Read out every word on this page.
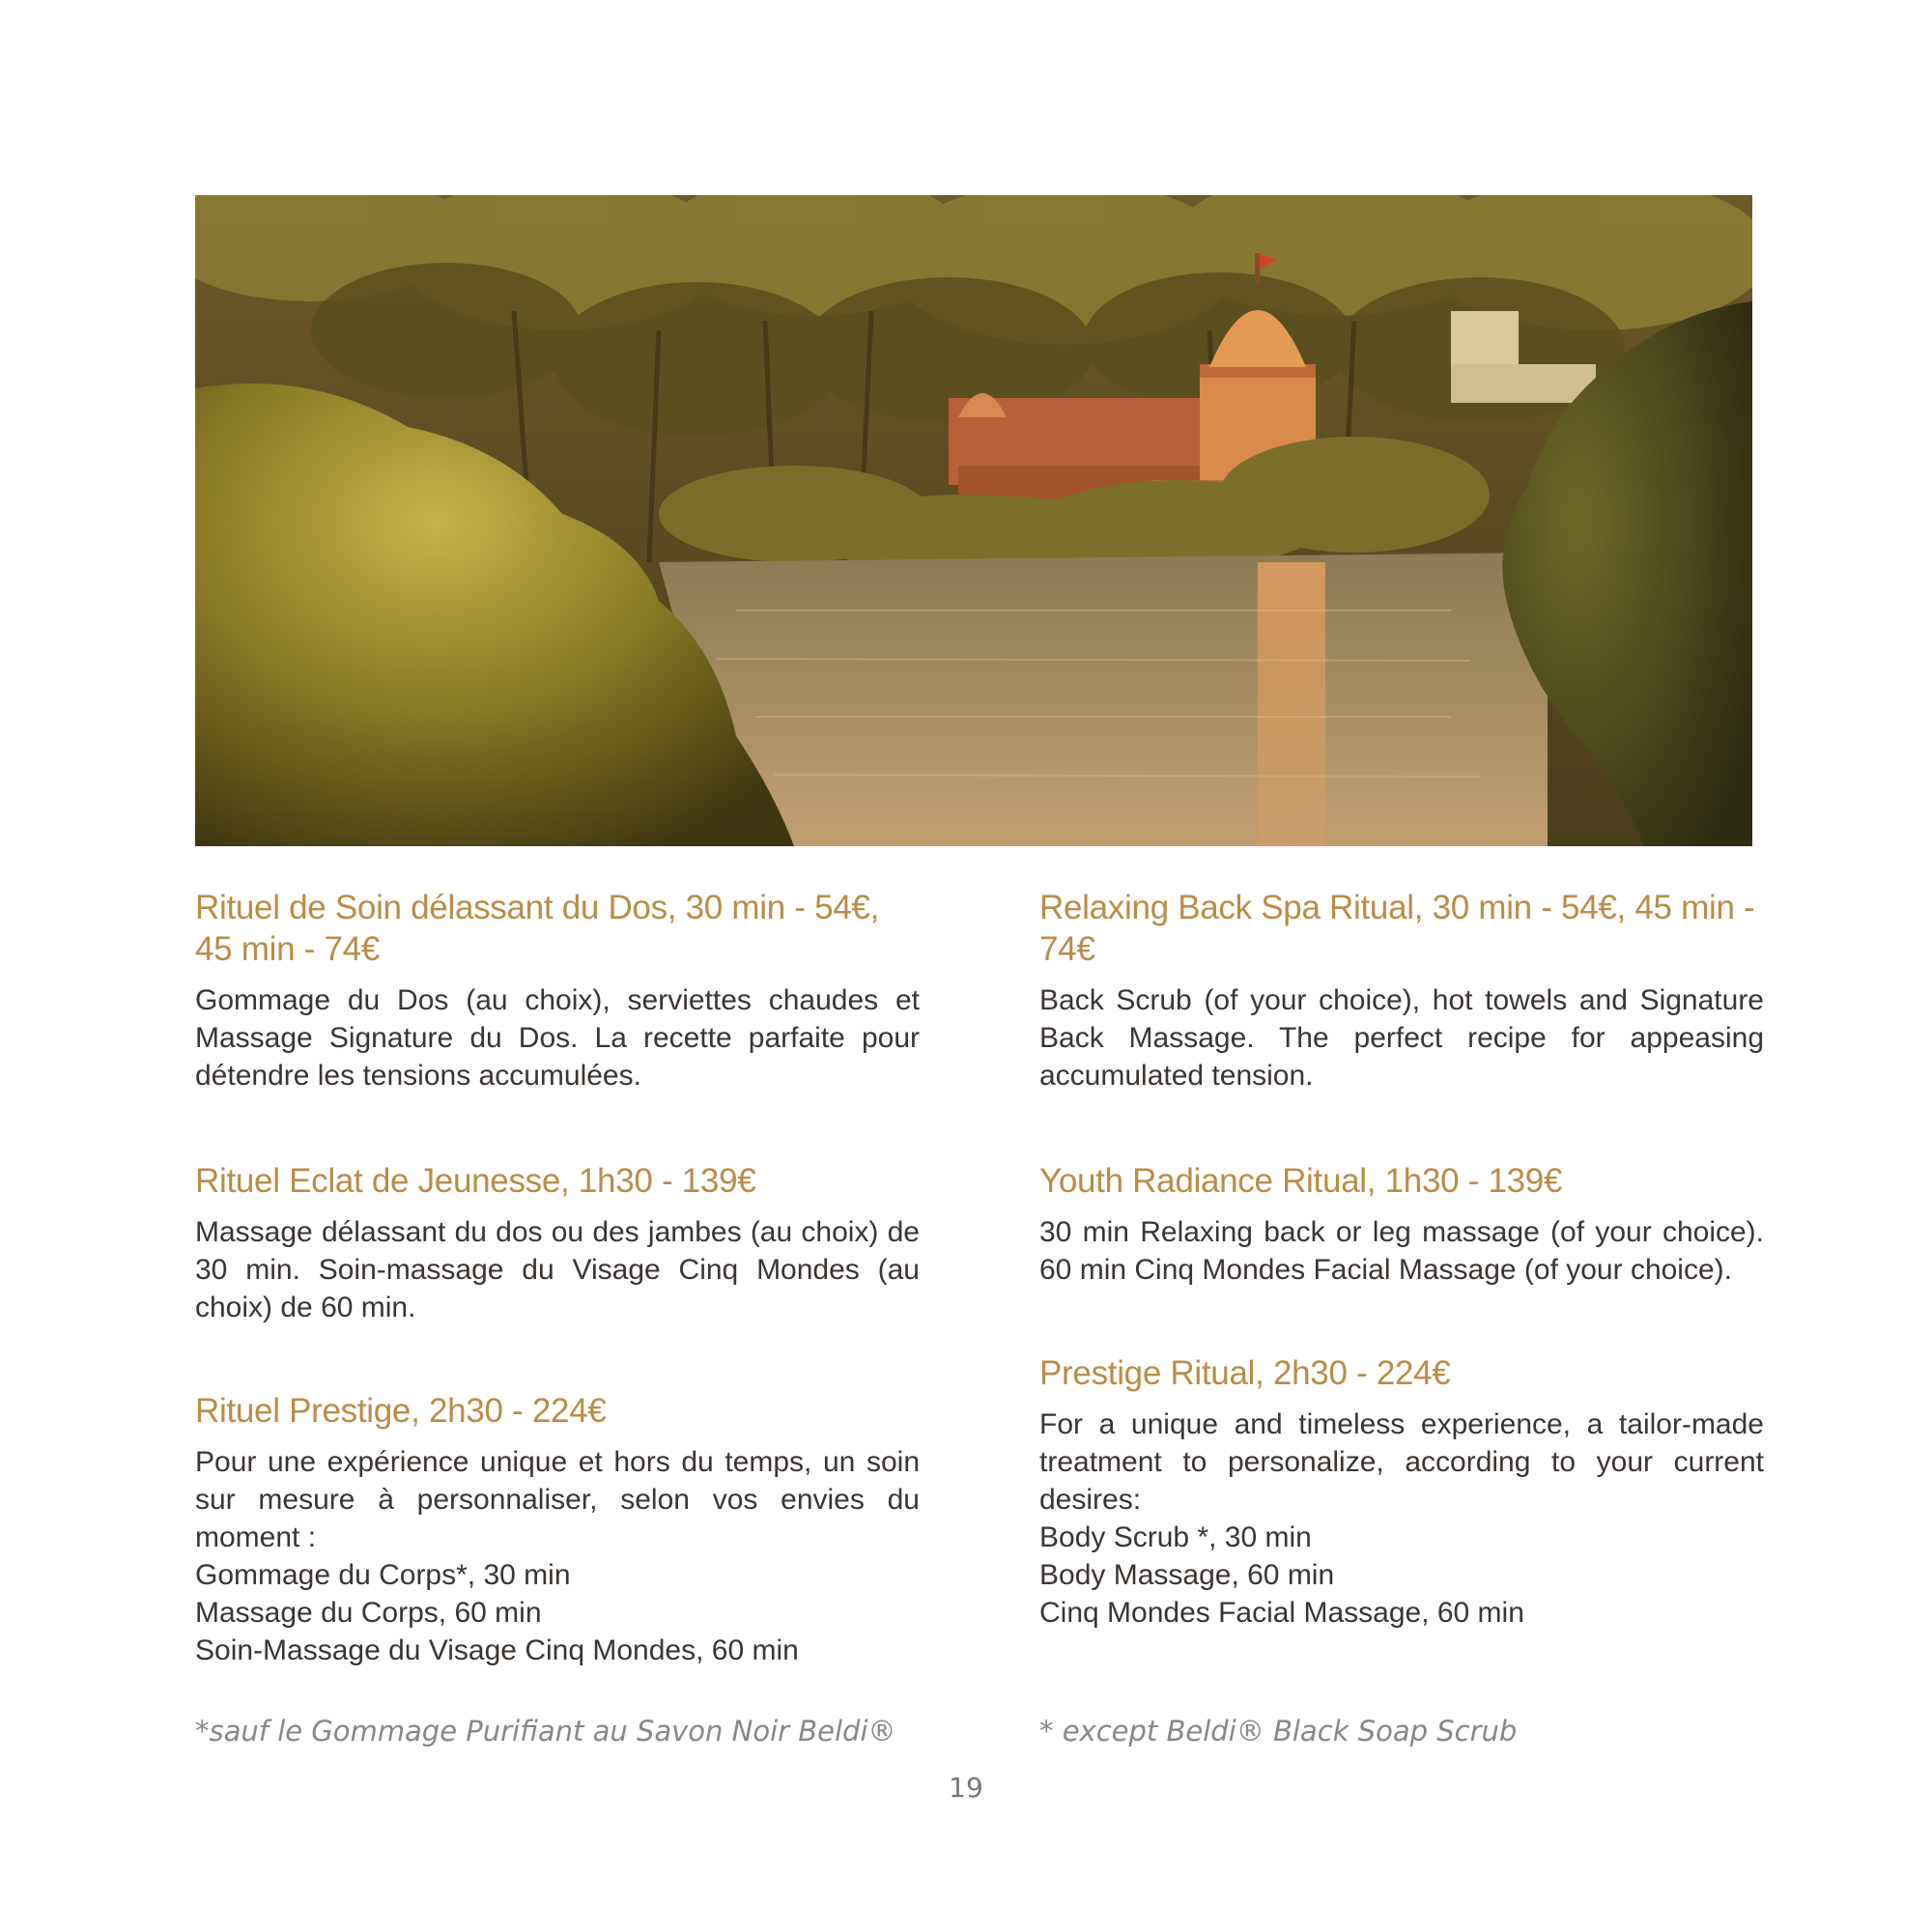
Rituel de Soin délassant du Dos, 30 min - 54€, 45 min - 74€

Gommage du Dos (au choix), serviettes chaudes et Massage Signature du Dos. La recette parfaite pour détendre les tensions accumulées.

Rituel Eclat de Jeunesse, 1h30 - 139€

Massage délassant du dos ou des jambes (au choix) de 30 min. Soin-massage du Visage Cinq Mondes (au choix) de 60 min.

Rituel Prestige, 2h30 - 224€

Pour une expérience unique et hors du temps, un soin sur mesure à personnaliser, selon vos envies du moment :

Gommage du Corps*, 30 min
Massage du Corps, 60 min
Soin-Massage du Visage Cinq Mondes, 60 min
Relaxing Back Spa Ritual, 30 min - 54€, 45 min - 74€

Back Scrub (of your choice), hot towels and Signature Back Massage. The perfect recipe for appeasing accumulated tension.

Youth Radiance Ritual, 1h30 - 139€

30 min Relaxing back or leg massage (of your choice). 60 min Cinq Mondes Facial Massage (of your choice).

Prestige Ritual, 2h30 - 224€

For a unique and timeless experience, a tailor-made treatment to personalize, according to your current desires:

Body Scrub *, 30 min
Body Massage, 60 min
Cinq Mondes Facial Massage, 60 min
*sauf le Gommage Purifiant au Savon Noir Beldi®	* except Beldi® Black Soap Scrub
19
